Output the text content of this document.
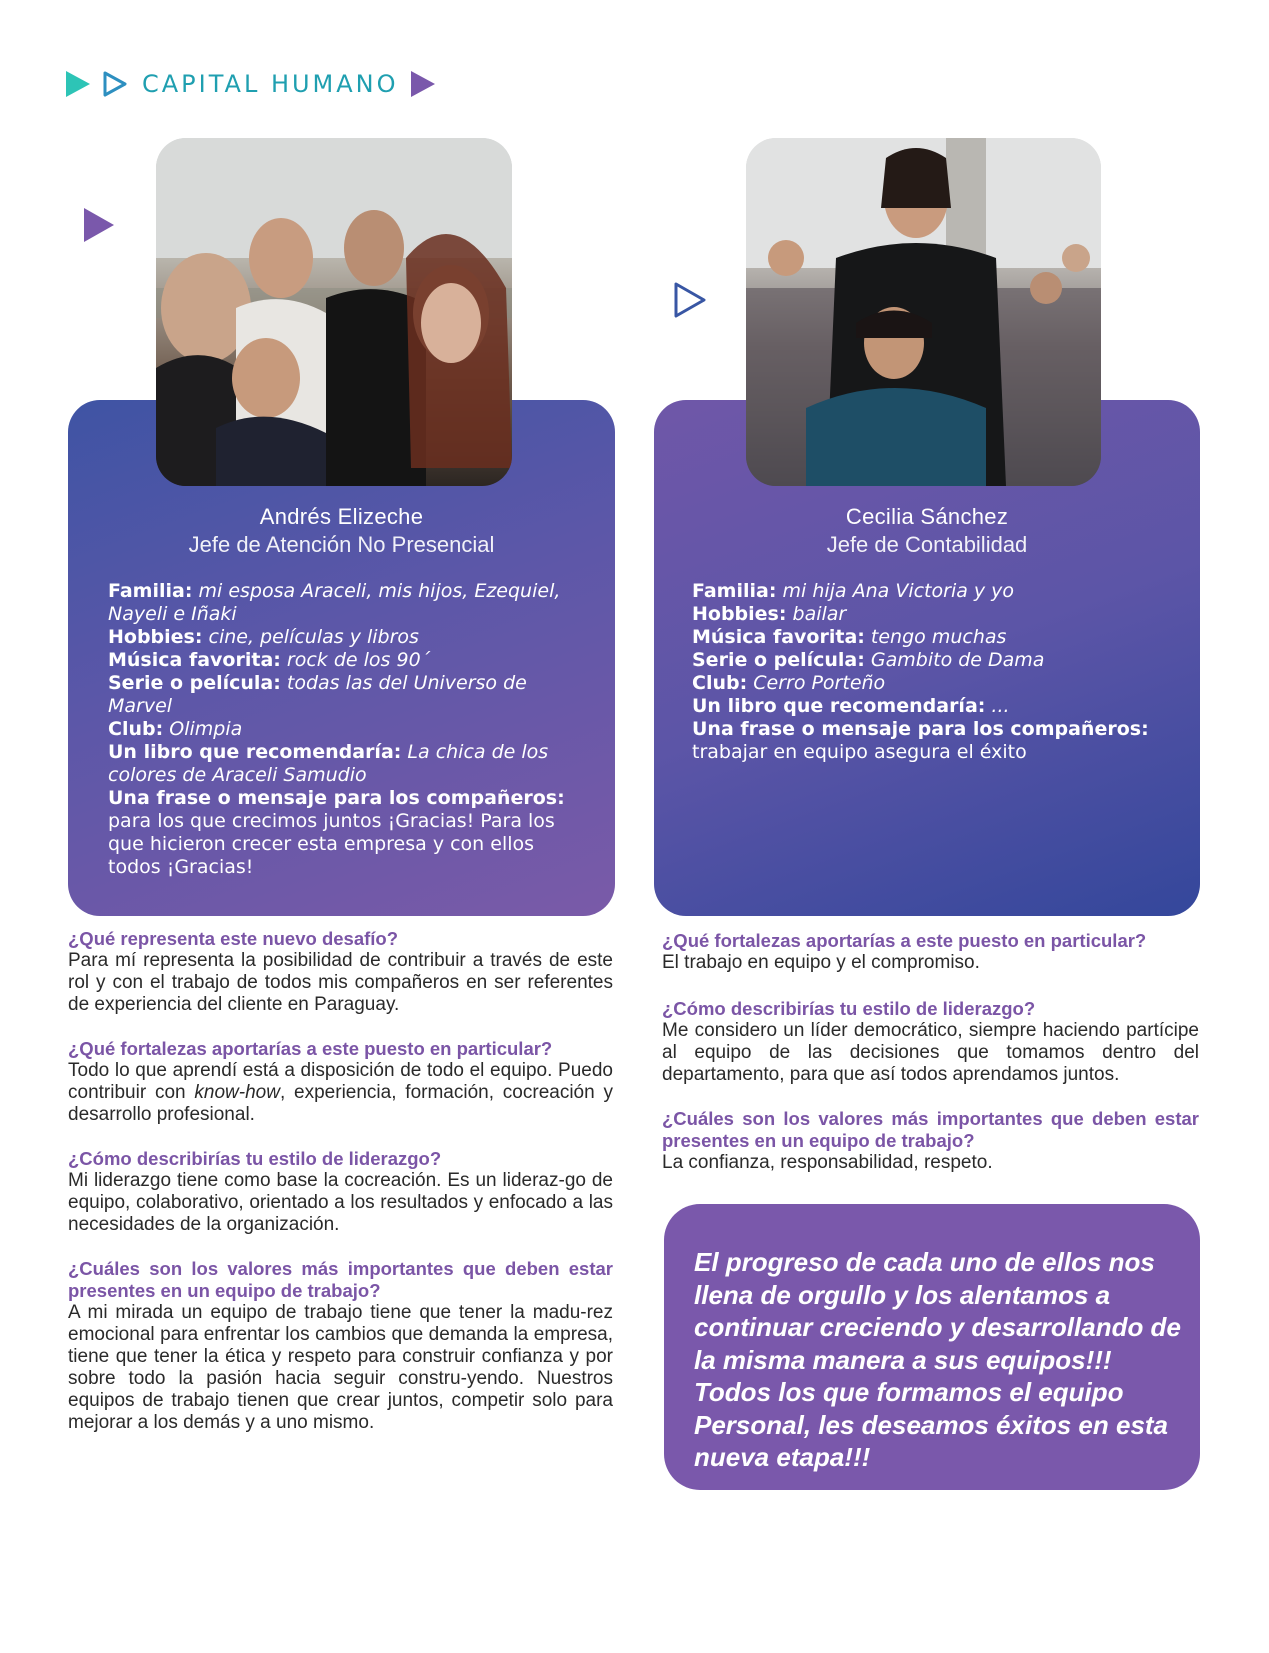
CAPITAL HUMANO
Andrés Elizeche
Jefe de Atención No Presencial
Familia: mi esposa Araceli, mis hijos, Ezequiel, Nayeli e Iñaki
Hobbies: cine, películas y libros
Música favorita: rock de los 90´
Serie o película: todas las del Universo de Marvel
Club: Olimpia
Un libro que recomendaría: La chica de los colores de Araceli Samudio
Una frase o mensaje para los compañeros: para los que crecimos juntos ¡Gracias! Para los que hicieron crecer esta empresa y con ellos todos ¡Gracias!
Cecilia Sánchez
Jefe de Contabilidad
Familia: mi hija Ana Victoria y yo
Hobbies: bailar
Música favorita: tengo muchas
Serie o película: Gambito de Dama
Club: Cerro Porteño
Un libro que recomendaría: ...
Una frase o mensaje para los compañeros:
trabajar en equipo asegura el éxito
¿Qué representa este nuevo desafío?
Para mí representa la posibilidad de contribuir a través de este rol y con el trabajo de todos mis compañeros en ser referentes de experiencia del cliente en Paraguay.
¿Qué fortalezas aportarías a este puesto en particular?
Todo lo que aprendí está a disposición de todo el equipo. Puedo contribuir con know-how, experiencia, formación, cocreación y desarrollo profesional.
¿Cómo describirías tu estilo de liderazgo?
Mi liderazgo tiene como base la cocreación. Es un lideraz-go de equipo, colaborativo, orientado a los resultados y enfocado a las necesidades de la organización.
¿Cuáles son los valores más importantes que deben estar presentes en un equipo de trabajo?
A mi mirada un equipo de trabajo tiene que tener la madu-rez emocional para enfrentar los cambios que demanda la empresa, tiene que tener la ética y respeto para construir confianza y por sobre todo la pasión hacia seguir constru-yendo. Nuestros equipos de trabajo tienen que crear juntos, competir solo para mejorar a los demás y a uno mismo.
¿Qué fortalezas aportarías a este puesto en particular?
El trabajo en equipo y el compromiso.
¿Cómo describirías tu estilo de liderazgo?
Me considero un líder democrático, siempre haciendo partícipe al equipo de las decisiones que tomamos dentro del departamento, para que así todos aprendamos juntos.
¿Cuáles son los valores más importantes que deben estar presentes en un equipo de trabajo?
La confianza, responsabilidad, respeto.
El progreso de cada uno de ellos nos llena de orgullo y los alentamos a continuar creciendo y desarrollando de la misma manera a sus equipos!!! Todos los que formamos el equipo Personal, les deseamos éxitos en esta nueva etapa!!!
